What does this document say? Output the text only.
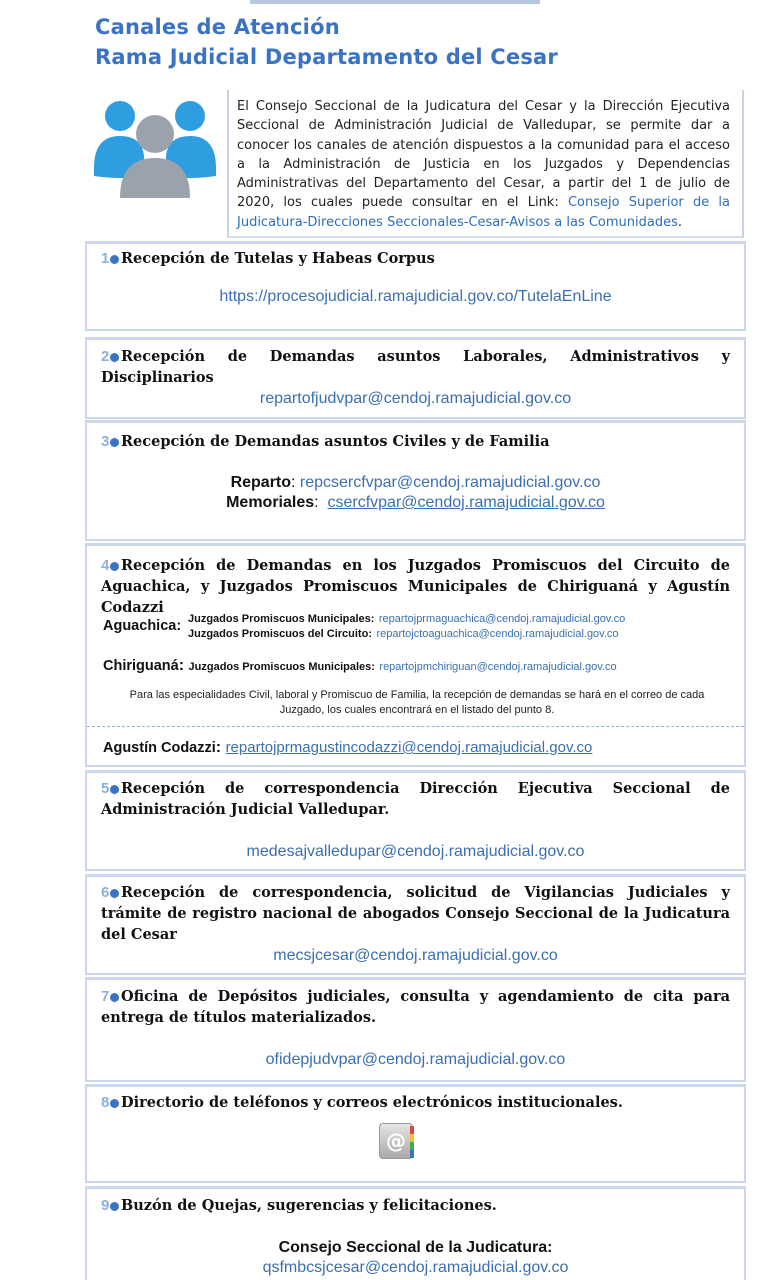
Canales de Atención
Rama Judicial Departamento del Cesar
El Consejo Seccional de la Judicatura del Cesar y la Dirección Ejecutiva Seccional de Administración Judicial de Valledupar, se permite dar a conocer los canales de atención dispuestos a la comunidad para el acceso a la Administración de Justicia en los Juzgados y Dependencias Administrativas del Departamento del Cesar, a partir del 1 de julio de 2020, los cuales puede consultar en el Link: Consejo Superior de la Judicatura-Direcciones Seccionales-Cesar-Avisos a las Comunidades.
1 Recepción de Tutelas y Habeas Corpus
https://procesojudicial.ramajudicial.gov.co/TutelaEnLine
2 Recepción de Demandas asuntos Laborales, Administrativos y Disciplinarios
repartofjudvpar@cendoj.ramajudicial.gov.co
3 Recepción de Demandas asuntos Civiles y de Familia
Reparto: repcsercfvpar@cendoj.ramajudicial.gov.co
Memoriales:  csercfvpar@cendoj.ramajudicial.gov.co
4 Recepción de Demandas en los Juzgados Promiscuos del Circuito de Aguachica, y Juzgados Promiscuos Municipales de Chiriguaná y Agustín Codazzi
Aguachica: Juzgados Promiscuos Municipales: repartojprmaguachica@cendoj.ramajudicial.gov.co
Juzgados Promiscuos del Circuito: repartojctoaguachica@cendoj.ramajudicial.gov.co
Chiriguaná: Juzgados Promiscuos Municipales: repartojpmchiriguan@cendoj.ramajudicial.gov.co
Para las especialidades Civil, laboral y Promiscuo de Familia, la recepción de demandas se hará en el correo de cada Juzgado, los cuales encontrará en el listado del punto 8.
Agustín Codazzi: repartojprmagustincodazzi@cendoj.ramajudicial.gov.co
5 Recepción de correspondencia Dirección Ejecutiva Seccional de Administración Judicial Valledupar.
medesajvalledupar@cendoj.ramajudicial.gov.co
6 Recepción de correspondencia, solicitud de Vigilancias Judiciales y trámite de registro nacional de abogados Consejo Seccional de la Judicatura del Cesar
mecsjcesar@cendoj.ramajudicial.gov.co
7 Oficina de Depósitos judiciales, consulta y agendamiento de cita para entrega de títulos materializados.
ofidepjudvpar@cendoj.ramajudicial.gov.co
8 Directorio de teléfonos y correos electrónicos institucionales.
@
9 Buzón de Quejas, sugerencias y felicitaciones.
Consejo Seccional de la Judicatura:
qsfmbcsjcesar@cendoj.ramajudicial.gov.co
